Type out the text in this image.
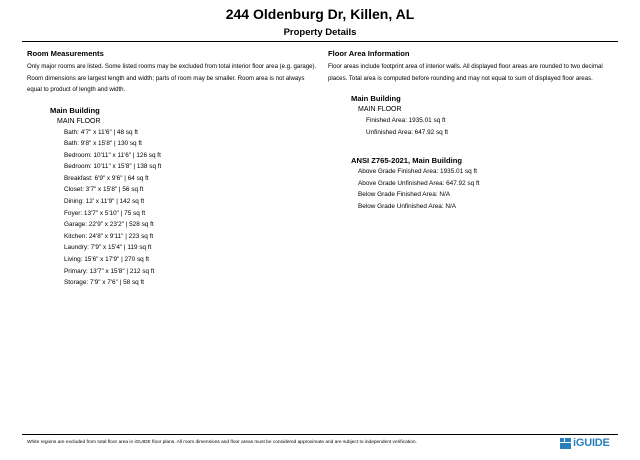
244 Oldenburg Dr, Killen, AL
Property Details
Room Measurements
Only major rooms are listed. Some listed rooms may be excluded from total interior floor area (e.g. garage). Room dimensions are largest length and width; parts of room may be smaller. Room area is not always equal to product of length and width.
Main Building
MAIN FLOOR
Bath: 4'7" x 11'6" | 48 sq ft
Bath: 9'8" x 15'8" | 130 sq ft
Bedroom: 10'11" x 11'6" | 126 sq ft
Bedroom: 10'11" x 15'8" | 138 sq ft
Breakfast: 6'9" x 9'6" | 64 sq ft
Closet: 3'7" x 15'8" | 56 sq ft
Dining: 12' x 11'9" | 142 sq ft
Foyer: 13'7" x 5'10" | 75 sq ft
Garage: 22'9" x 23'2" | 528 sq ft
Kitchen: 24'8" x 9'11" | 223 sq ft
Laundry: 7'9" x 15'4" | 119 sq ft
Living: 15'6" x 17'9" | 270 sq ft
Primary: 13'7" x 15'8" | 212 sq ft
Storage: 7'9" x 7'6" | 58 sq ft
Floor Area Information
Floor areas include footprint area of interior walls. All displayed floor areas are rounded to two decimal places. Total area is computed before rounding and may not equal to sum of displayed floor areas.
Main Building
MAIN FLOOR
Finished Area: 1935.01 sq ft
Unfinished Area: 647.92 sq ft
ANSI Z765-2021, Main Building
Above Grade Finished Area: 1935.01 sq ft
Above Grade Unfinished Area: 647.92 sq ft
Below Grade Finished Area: N/A
Below Grade Unfinished Area: N/A
White regions are excluded from total floor area in iGUIDE floor plans. All room dimensions and floor areas must be considered approximate and are subject to independent verification.	iGUIDE
